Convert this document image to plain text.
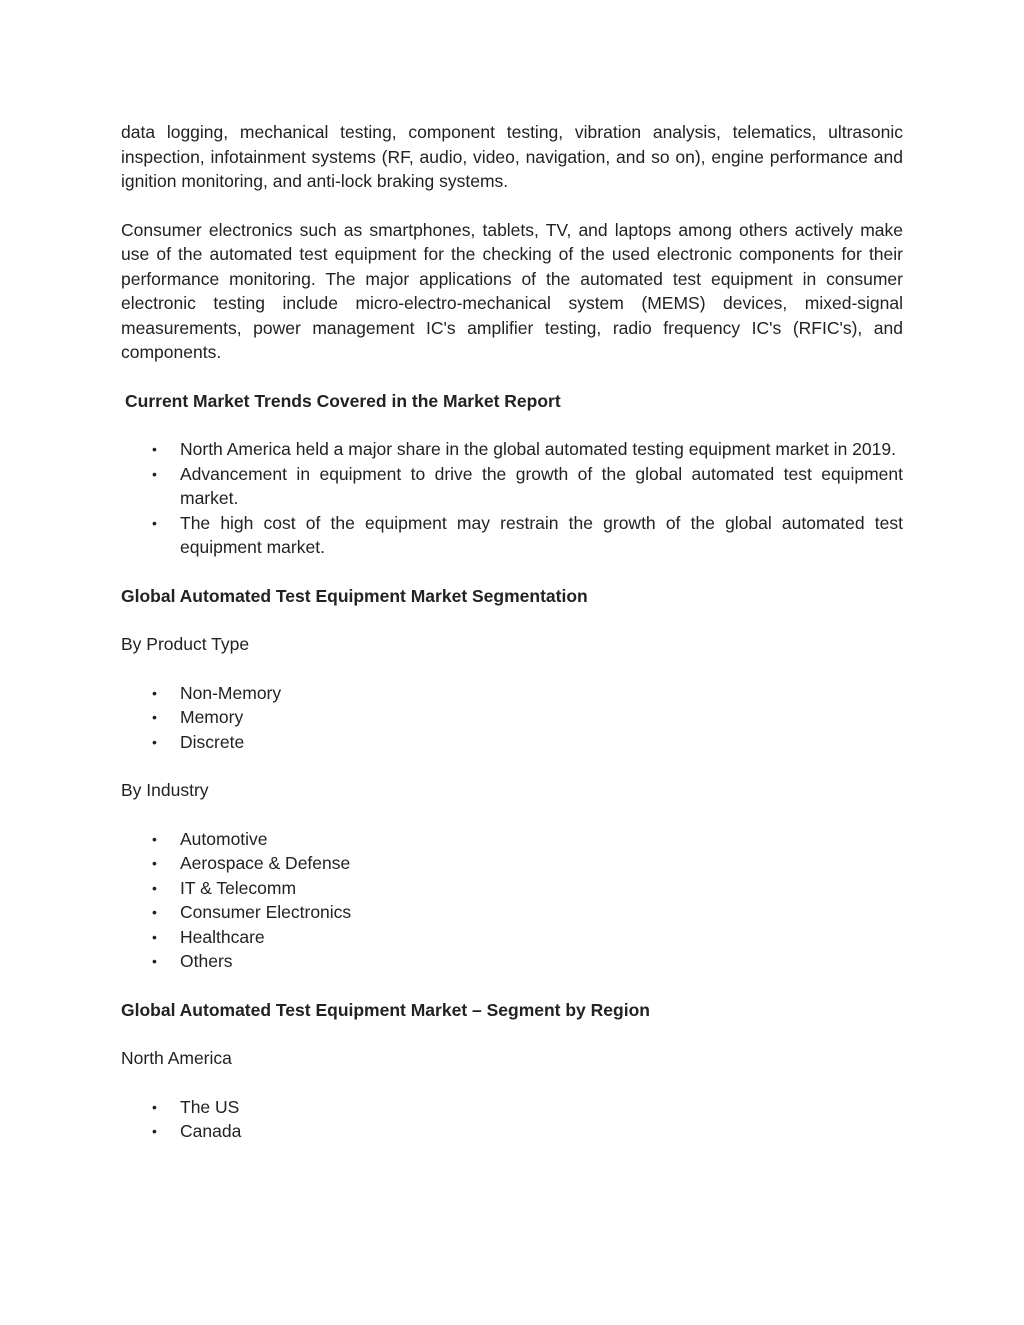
data logging, mechanical testing, component testing, vibration analysis, telematics, ultrasonic inspection, infotainment systems (RF, audio, video, navigation, and so on), engine performance and ignition monitoring, and anti-lock braking systems.

Consumer electronics such as smartphones, tablets, TV, and laptops among others actively make use of the automated test equipment for the checking of the used electronic components for their performance monitoring. The major applications of the automated test equipment in consumer electronic testing include micro-electro-mechanical system (MEMS) devices, mixed-signal measurements, power management IC's amplifier testing, radio frequency IC's (RFIC's), and components.

Current Market Trends Covered in the Market Report

• North America held a major share in the global automated testing equipment market in 2019.
• Advancement in equipment to drive the growth of the global automated test equipment market.
• The high cost of the equipment may restrain the growth of the global automated test equipment market.

Global Automated Test Equipment Market Segmentation

By Product Type

• Non-Memory
• Memory
• Discrete

By Industry

• Automotive
• Aerospace & Defense
• IT & Telecomm
• Consumer Electronics
• Healthcare
• Others

Global Automated Test Equipment Market – Segment by Region

North America

• The US
• Canada
